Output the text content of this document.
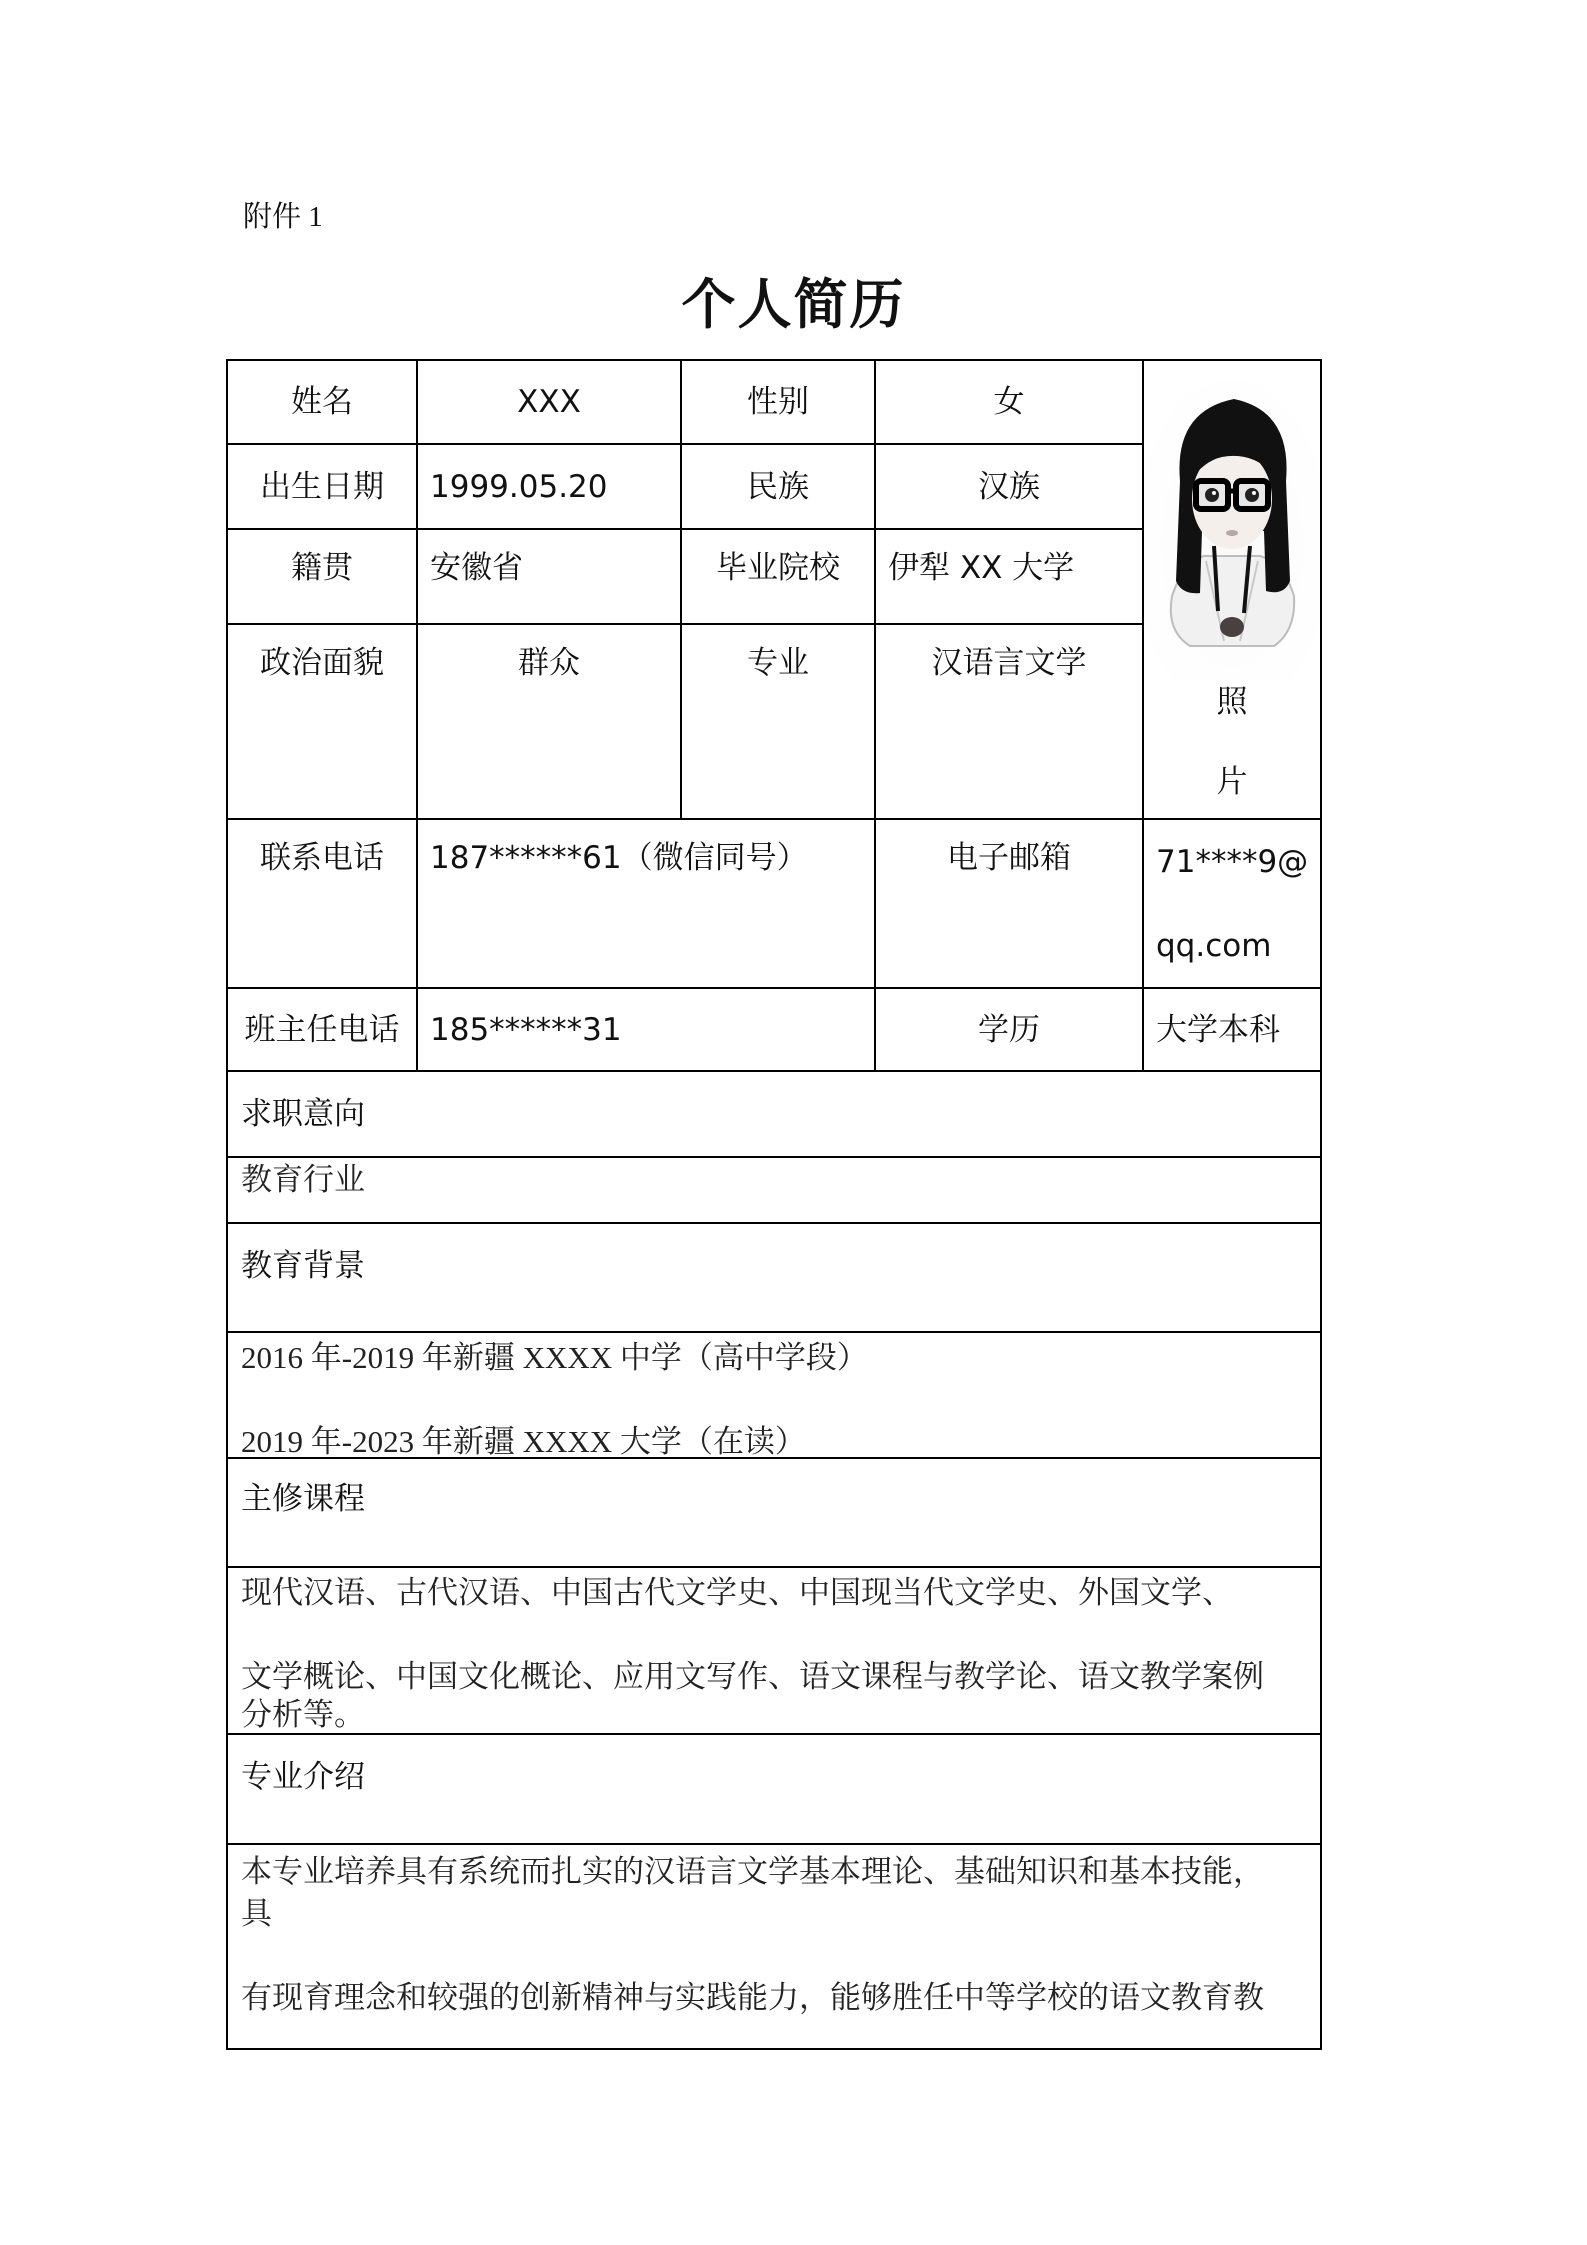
附件 1
个人简历
姓名	XXX	性别	女
出生日期 1999.05.20	民族	汉族
籍贯	安徽省	毕业院校	伊犁 XX 大学
政治面貌	群众	专业	汉语言文学
照
片
联系电话	187******61（微信同号）	电子邮箱	71****9@
qq.com
班主任电话 185******31	学历	大学本科
求职意向
教育行业
教育背景
2016 年-2019 年新疆 XXXX 中学（高中学段）
2019 年-2023 年新疆 XXXX 大学（在读）
主修课程
现代汉语、古代汉语、中国古代文学史、中国现当代文学史、外国文学、
文学概论、中国文化概论、应用文写作、语文课程与教学论、语文教学案例
分析等。
专业介绍
本专业培养具有系统而扎实的汉语言文学基本理论、基础知识和基本技能，
具
有现育理念和较强的创新精神与实践能力，能够胜任中等学校的语文教育教
